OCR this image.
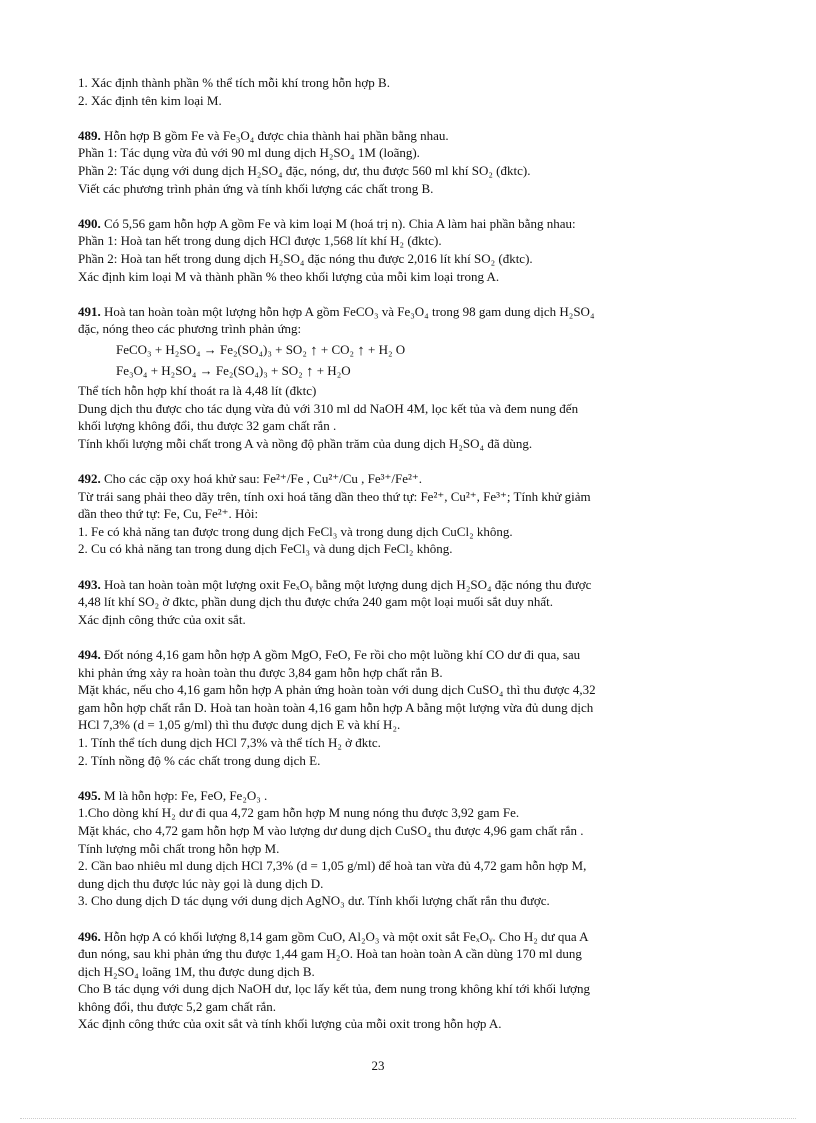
1. Xác định thành phần % thể tích mỗi khí trong hỗn hợp B.
2. Xác định tên kim loại M.
489. Hỗn hợp B gồm Fe và Fe₃O₄ được chia thành hai phần bằng nhau.
Phần 1: Tác dụng vừa đủ với 90 ml dung dịch H₂SO₄ 1M (loãng).
Phần 2: Tác dụng với dung dịch H₂SO₄ đặc, nóng, dư, thu được 560 ml khí SO₂ (đktc).
Viết các phương trình phản ứng và tính khối lượng các chất trong B.
490. Có 5,56 gam hỗn hợp A gồm Fe và kim loại M (hoá trị n). Chia A làm hai phần bằng nhau:
Phần 1: Hoà tan hết trong dung dịch HCl được 1,568 lít khí H₂ (đktc).
Phần 2: Hoà tan hết trong dung dịch H₂SO₄ đặc nóng thu được 2,016 lít khí SO₂ (đktc).
Xác định kim loại M và thành phần % theo khối lượng của mỗi kim loại trong A.
491. Hoà tan hoàn toàn một lượng hỗn hợp A gồm FeCO₃ và Fe₃O₄ trong 98 gam dung dịch H₂SO₄
đặc, nóng theo các phương trình phản ứng:
FeCO₃ + H₂SO₄ → Fe₂(SO₄)₃ + SO₂ ↑ + CO₂ ↑ + H₂ O
Fe₃O₄ + H₂SO₄ → Fe₂(SO₄)₃ + SO₂ ↑ + H₂O
Thể tích hỗn hợp khí thoát ra là 4,48 lít (đktc)
Dung dịch thu được cho tác dụng vừa đủ với 310 ml dd NaOH 4M, lọc kết tủa và đem nung đến
khối lượng không đổi, thu được 32 gam chất rắn .
Tính khối lượng mỗi chất trong A và nồng độ phần trăm của dung dịch H₂SO₄ đã dùng.
492. Cho các cặp oxy hoá khử sau: Fe²⁺/Fe , Cu²⁺/Cu , Fe³⁺/Fe²⁺.
Từ trái sang phải theo dãy trên, tính oxi hoá tăng dần theo thứ tự: Fe²⁺, Cu²⁺, Fe³⁺; Tính khử giảm
dần theo thứ tự: Fe, Cu, Fe²⁺. Hỏi:
1. Fe có khả năng tan được trong dung dịch FeCl₃ và trong dung dịch CuCl₂ không.
2. Cu có khả năng tan trong dung dịch FeCl₃ và dung dịch FeCl₂ không.
493. Hoà tan hoàn toàn một lượng oxit FeₓOᵧ bằng một lượng dung dịch H₂SO₄ đặc nóng thu được
4,48 lít khí SO₂ ở đktc, phần dung dịch thu được chứa 240 gam một loại muối sắt duy nhất.
Xác định công thức của oxit sắt.
494. Đốt nóng 4,16 gam hỗn hợp A gồm MgO, FeO, Fe rồi cho một luồng khí CO dư đi qua, sau
khi phản ứng xảy ra hoàn toàn thu được 3,84 gam hỗn hợp chất rắn B.
Mặt khác, nếu cho 4,16 gam hỗn hợp A phản ứng hoàn toàn với dung dịch CuSO₄ thì thu được 4,32
gam hỗn hợp chất rắn D. Hoà tan hoàn toàn 4,16 gam hỗn hợp A bằng một lượng vừa đủ dung dịch
HCl 7,3% (d = 1,05 g/ml) thì thu được dung dịch E và khí H₂.
1. Tính thể tích dung dịch HCl 7,3% và thể tích H₂ ở đktc.
2. Tính nồng độ % các chất trong dung dịch E.
495. M là hỗn hợp: Fe, FeO, Fe₂O₃ .
1.Cho dòng khí H₂ dư đi qua 4,72 gam hỗn hợp M nung nóng thu được 3,92 gam Fe.
Mặt khác, cho 4,72 gam hỗn hợp M vào lượng dư dung dịch CuSO₄ thu được 4,96 gam chất rắn .
Tính lượng mỗi chất trong hỗn hợp M.
2. Cần bao nhiêu ml dung dịch HCl 7,3% (d = 1,05 g/ml) để hoà tan vừa đủ 4,72 gam hỗn hợp M,
dung dịch thu được lúc này gọi là dung dịch D.
3. Cho dung dịch D tác dụng với dung dịch AgNO₃ dư. Tính khối lượng chất rắn thu được.
496. Hỗn hợp A có khối lượng 8,14 gam gồm CuO, Al₂O₃ và một oxit sắt FeₓOᵧ. Cho H₂ dư qua A
đun nóng, sau khi phản ứng thu được 1,44 gam H₂O. Hoà tan hoàn toàn A cần dùng 170 ml dung
dịch H₂SO₄ loãng 1M, thu được dung dịch B.
Cho B tác dụng với dung dịch NaOH dư, lọc lấy kết tủa, đem nung trong không khí tới khối lượng
không đổi, thu được 5,2 gam chất rắn.
Xác định công thức của oxit sắt và tính khối lượng của mỗi oxit trong hỗn hợp A.
23
